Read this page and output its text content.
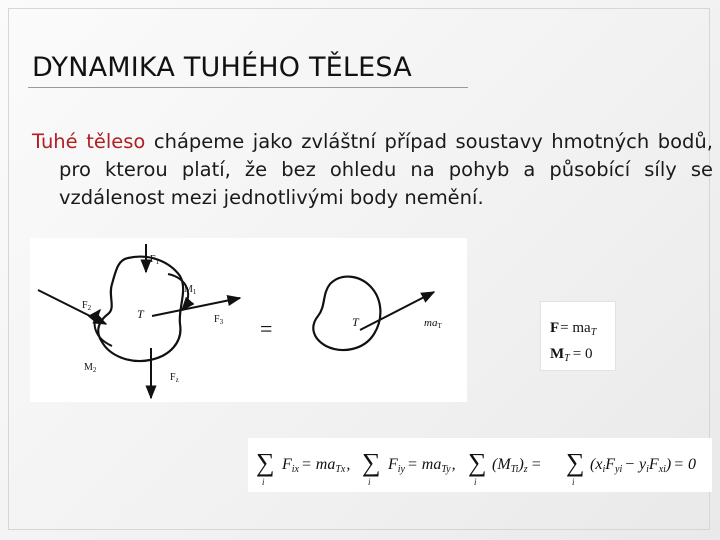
DYNAMIKA TUHÉHO TĚLESA
Tuhé těleso chápeme jako zvláštní případ soustavy hmotných bodů, pro kterou platí, že bez ohledu na pohyb a působící síly se vzdálenost mezi jednotlivými body nemění.
$F_1$
$M_1$
$F_2$	T	$F_3$
$M_2$
$F_z$
=	T	maT	$F= ma_T$
$M_T = 0$
∑
i
Fix = maTx, ∑
i
Fiy = maTy, ∑
i
(MTi)z = ∑
i
(xiFyi − yiFxi) = 0
